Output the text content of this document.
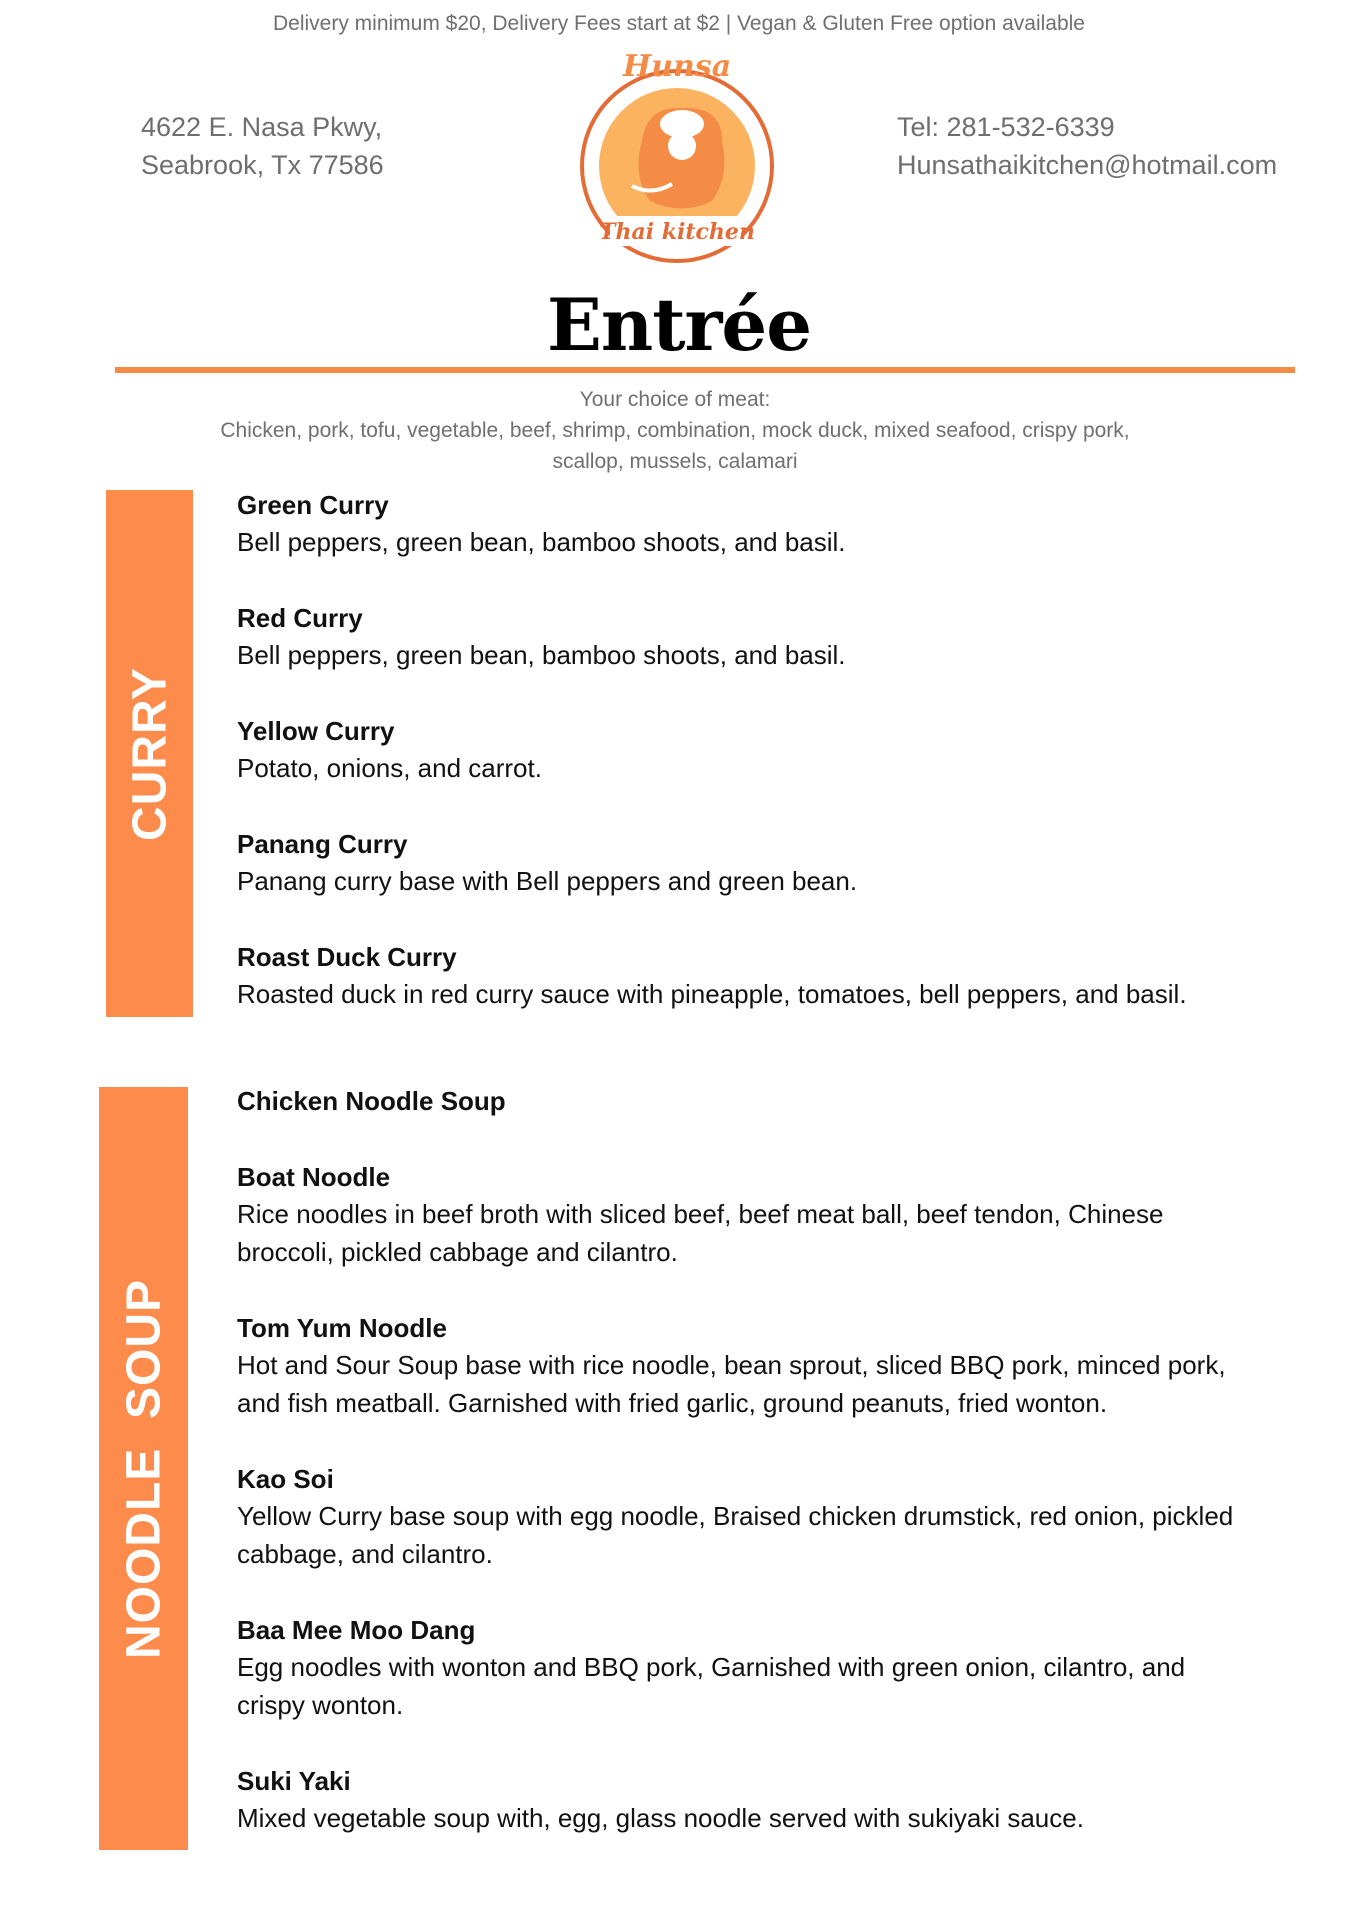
Delivery minimum $20, Delivery Fees start at $2 | Vegan & Gluten Free option available
4622 E. Nasa Pkwy,
Seabrook, Tx 77586
Tel: 281-532-6339
Hunsathaikitchen@hotmail.com
Hunsa
Thai kitchen
Entrée
Your choice of meat:
Chicken, pork, tofu, vegetable, beef, shrimp, combination, mock duck, mixed seafood, crispy pork,
scallop, mussels, calamari
CURRY
Green Curry
Bell peppers, green bean, bamboo shoots, and basil.
Red Curry
Bell peppers, green bean, bamboo shoots, and basil.
Yellow Curry
Potato, onions, and carrot.
Panang Curry
Panang curry base with Bell peppers and green bean.
Roast Duck Curry
Roasted duck in red curry sauce with pineapple, tomatoes, bell peppers, and basil.
NOODLE  SOUP
Chicken Noodle Soup
Boat Noodle
Rice noodles in beef broth with sliced beef, beef meat ball, beef tendon, Chinese
broccoli, pickled cabbage and cilantro.
Tom Yum Noodle
Hot and Sour Soup base with rice noodle, bean sprout, sliced BBQ pork, minced pork,
and fish meatball. Garnished with fried garlic, ground peanuts, fried wonton.
Kao Soi
Yellow Curry base soup with egg noodle, Braised chicken drumstick, red onion, pickled
cabbage, and cilantro.
Baa Mee Moo Dang
Egg noodles with wonton and BBQ pork, Garnished with green onion, cilantro, and
crispy wonton.
Suki Yaki
Mixed vegetable soup with, egg, glass noodle served with sukiyaki sauce.
